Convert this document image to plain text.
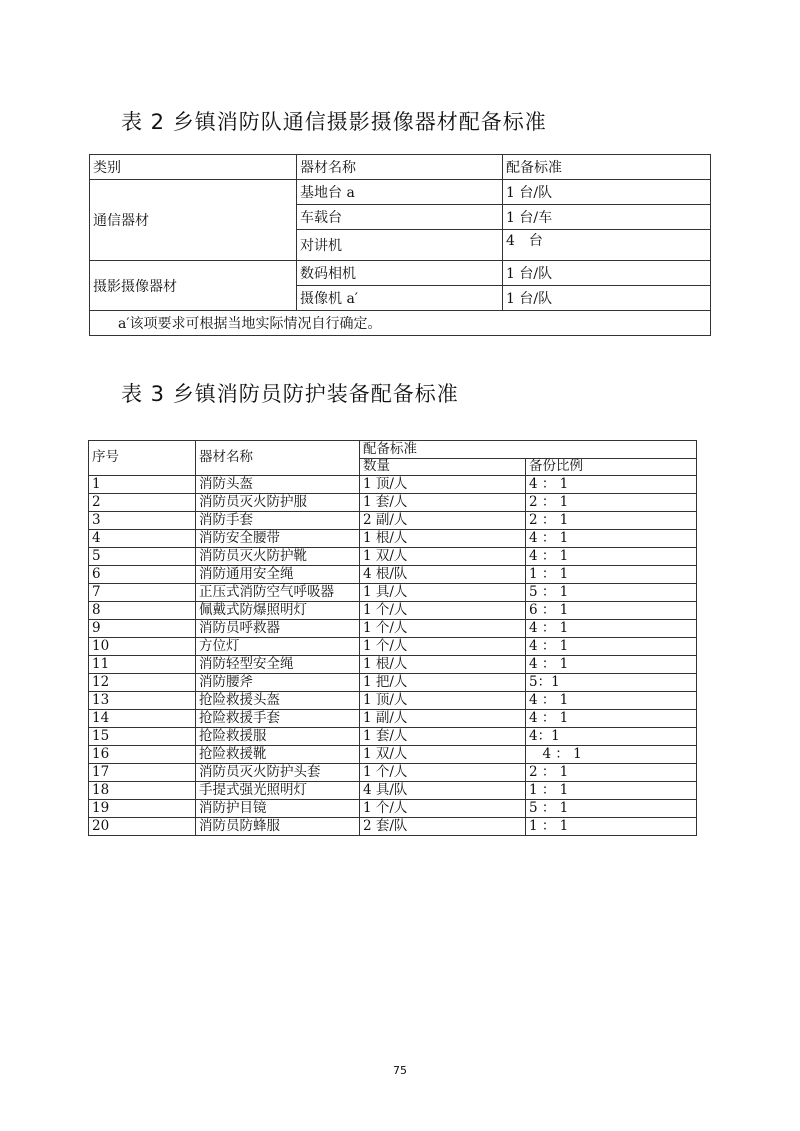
表 2 乡镇消防队通信摄影摄像器材配备标准
类别	器材名称	配备标准
通信器材	基地台 a	1 台/队
	车载台	1 台/车
	对讲机	4　台
摄影摄像器材	数码相机	1 台/队
	摄像机 a′	1 台/队
a′该项要求可根据当地实际情况自行确定。		
表 3 乡镇消防员防护装备配备标准
序号	器材名称	配备标准	
		数量	备份比例
1	消防头盔	1 顶/人	4 ： 1
2	消防员灭火防护服	1 套/人	2 ： 1
3	消防手套	2 副/人	2 ： 1
4	消防安全腰带	1 根/人	4 ： 1
5	消防员灭火防护靴	1 双/人	4 ： 1
6	消防通用安全绳	4 根/队	1 ： 1
7	正压式消防空气呼吸器	1 具/人	5 ： 1
8	佩戴式防爆照明灯	1 个/人	6 ： 1
9	消防员呼救器	1 个/人	4 ： 1
10	方位灯	1 个/人	4 ： 1
11	消防轻型安全绳	1 根/人	4 ： 1
12	消防腰斧	1 把/人	5：1
13	抢险救援头盔	1 顶/人	4 ： 1
14	抢险救援手套	1 副/人	4 ： 1
15	抢险救援服	1 套/人	4：1
16	抢险救援靴	1 双/人	　4 ： 1
17	消防员灭火防护头套	1 个/人	2 ： 1
18	手提式强光照明灯	4 具/队	1 ： 1
19	消防护目镜	1 个/人	5 ： 1
20	消防员防蜂服	2 套/队	1 ： 1
75
